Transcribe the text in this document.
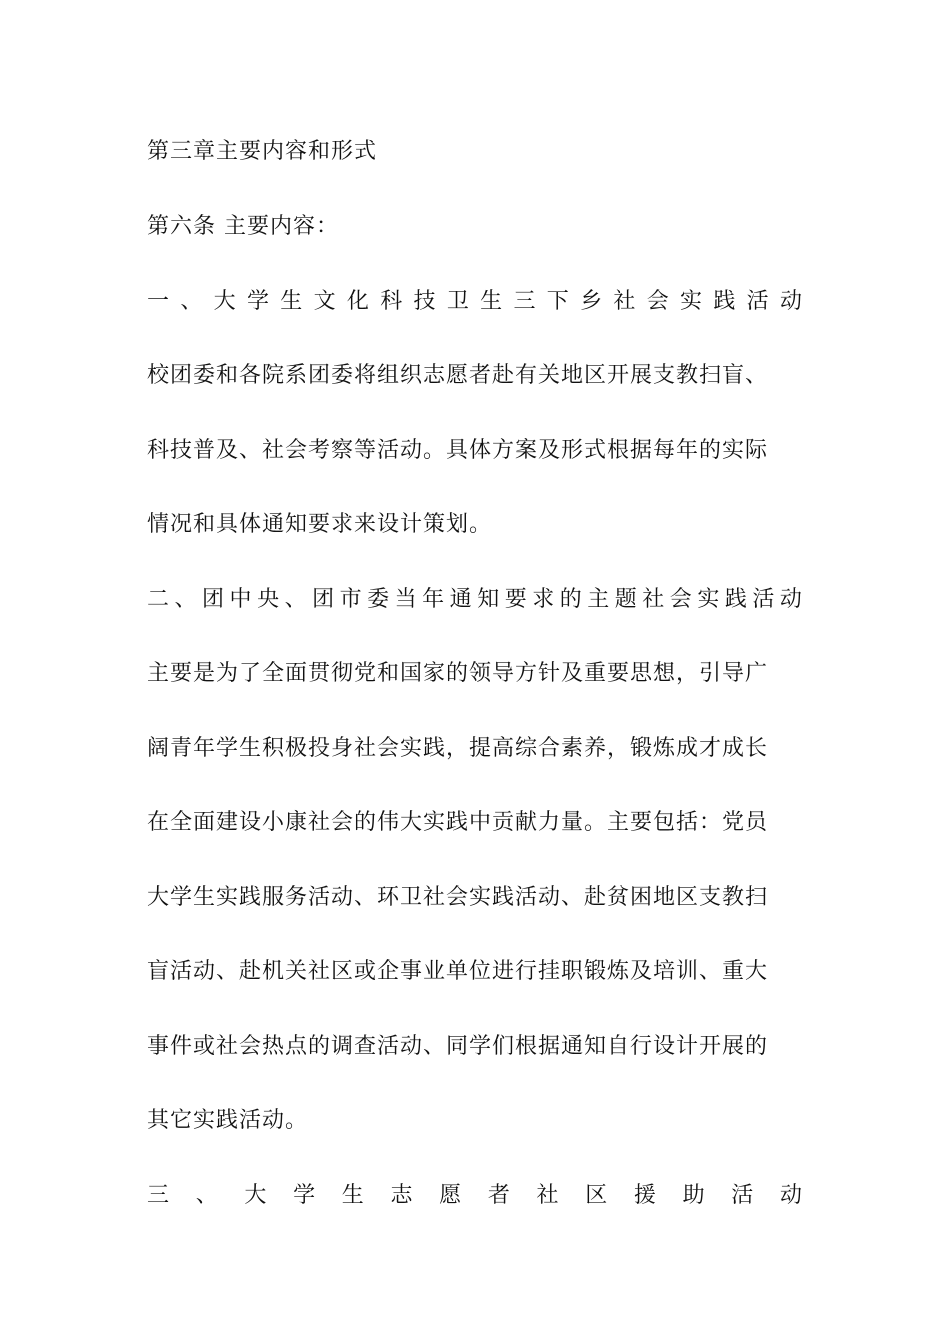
第三章主要内容和形式
第六条 主要内容：
一 、 大 学 生 文 化 科 技 卫 生 三 下 乡 社 会 实 践 活 动
校团委和各院系团委将组织志愿者赴有关地区开展支教扫盲、
科技普及、社会考察等活动。具体方案及形式根据每年的实际
情况和具体通知要求来设计策划。
二 、 团 中 央 、 团 市 委 当 年 通 知 要 求 的 主 题 社 会 实 践 活 动
主要是为了全面贯彻党和国家的领导方针及重要思想，引导广
阔青年学生积极投身社会实践，提高综合素养，锻炼成才成长
在全面建设小康社会的伟大实践中贡献力量。主要包括：党员
大学生实践服务活动、环卫社会实践活动、赴贫困地区支教扫
盲活动、赴机关社区或企事业单位进行挂职锻炼及培训、重大
事件或社会热点的调查活动、同学们根据通知自行设计开展的
其它实践活动。
三 、 大 学 生 志 愿 者 社 区 援 助 活 动
